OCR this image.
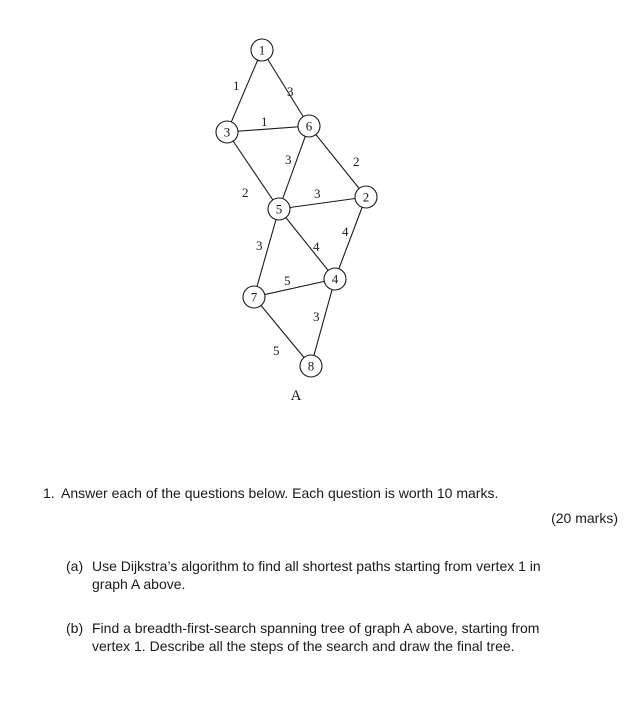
1	3
1
2
3	2
3
4
4
3
5
5
3
1
3	6
5
2
7
4
8
A
1. Answer each of the questions below. Each question is worth 10 marks.
(20 marks)
(a) Use Dijkstra’s algorithm to find all shortest paths starting from vertex 1 in graph A above.
(b) Find a breadth-first-search spanning tree of graph A above, starting from vertex 1. Describe all the steps of the search and draw the final tree.
